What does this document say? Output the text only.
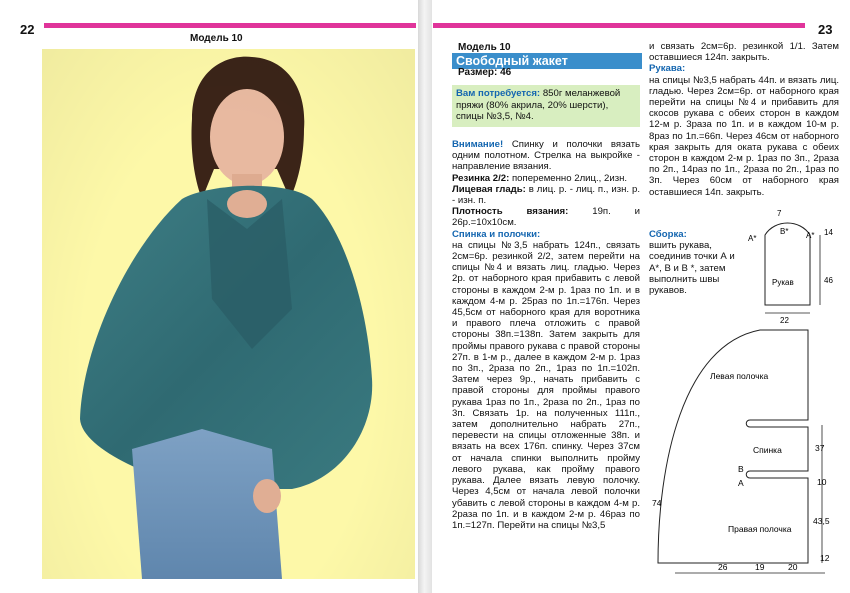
22
Модель 10
23
Модель 10
Свободный жакет
Размер: 46
Вам потребуется: 850г меланжевой пряжи (80% акрила, 20% шерсти), спицы №3,5, №4.
Внимание! Спинку и полочки вязать одним полотном. Стрелка на выкройке - направление вязания.
Резинка 2/2: попеременно 2лиц., 2изн.
Лицевая гладь: в лиц. р. - лиц. п., изн. р. - изн. п.
Плотность вязания: 19п. и 26р.=10х10см.
Спинка и полочки:
на спицы №3,5 набрать 124п., связать 2см=6р. резинкой 2/2, затем перейти на спицы №4 и вязать лиц. гладью. Через 2р. от наборного края прибавить с левой стороны в каждом 2-м р. 1раз по 1п. и в каждом 4-м р. 25раз по 1п.=176п. Через 45,5см от наборного края для воротника и правого плеча отложить с правой стороны 38п.=138п. Затем закрыть для проймы правого рукава с правой стороны 27п. в 1-м р., далее в каждом 2-м р. 1раз по 3п., 2раза по 2п., 1раз по 1п.=102п. Затем через 9р., начать прибавить с правой стороны для проймы правого рукава 1раз по 1п., 2раза по 2п., 1раз по 3п. Связать 1р. на полученных 111п., затем дополнительно набрать 27п., перевести на спицы отложенные 38п. и вязать на всех 176п. спинку. Через 37см от начала спинки выполнить пройму левого рукава, как пройму правого рукава. Далее вязать левую полочку. Через 4,5см от начала левой полочки убавить с левой стороны в каждом 4-м р. 2раза по 1п. и в каждом 2-м р. 46раз по 1п.=127п. Перейти на спицы №3,5
и связать 2см=6р. резинкой 1/1. Затем оставшиеся 124п. закрыть.
Рукава:
на спицы №3,5 набрать 44п. и вязать лиц. гладью. Через 2см=6р. от наборного края перейти на спицы №4 и прибавить для скосов рукава с обеих сторон в каждом 12-м р. 3раза по 1п. и в каждом 10-м р. 8раз по 1п.=66п. Через 46см от наборного края закрыть для оката рукава с обеих сторон в каждом 2-м р. 1раз по 3п., 2раза по 2п., 14раз по 1п., 2раза по 2п., 1раз по 3п. Через 60см от наборного края оставшиеся 14п. закрыть.
Сборка:
вшить рукава, соединив точки А и А*, В и В *, затем выполнить швы рукавов.
7
14
46
22
Рукав
А*
В* А*
Левая полочка
Спинка
Правая полочка
В
А
74
37
10
43,5
26	19	20
12
